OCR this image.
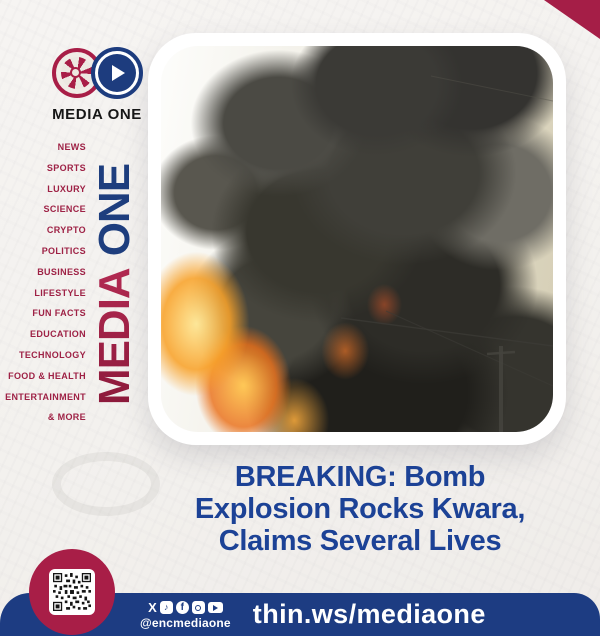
MEDIA ONE
NEWS
SPORTS
LUXURY
SCIENCE
CRYPTO
POLITICS
BUSINESS
LIFESTYLE
FUN FACTS
EDUCATION
TECHNOLOGY
FOOD & HEALTH
ENTERTAINMENT
& MORE
MEDIA
ONE
BREAKING: Bomb
Explosion Rocks Kwara,
Claims Several Lives
X ♪ f
@encmediaone thin.ws/mediaone
